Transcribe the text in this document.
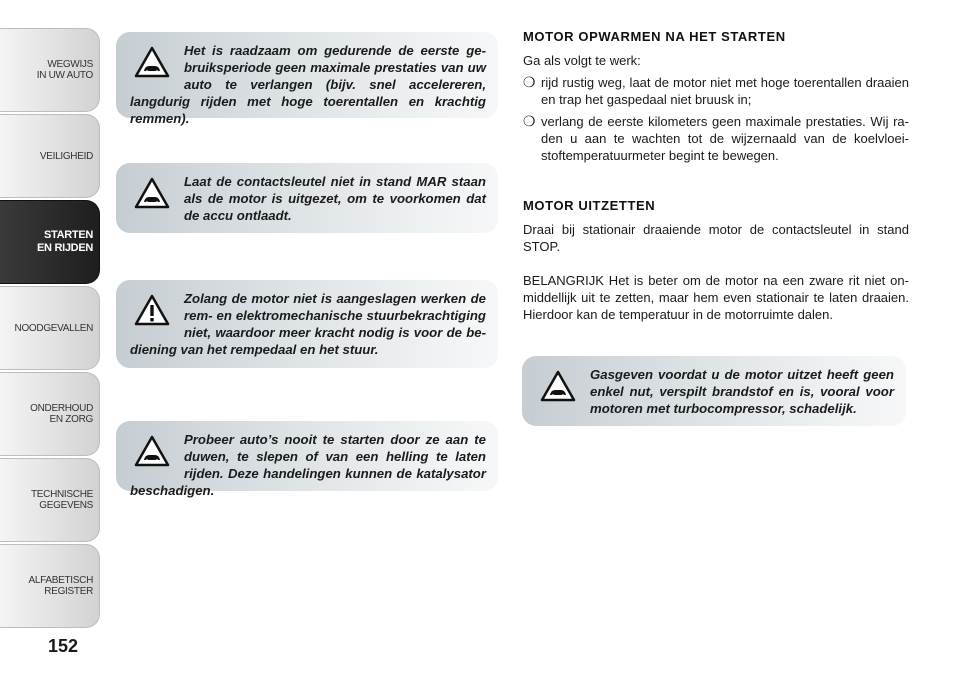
WEGWIJS
IN UW AUTO
VEILIGHEID
STARTEN
EN RIJDEN
NOODGEVALLEN
ONDERHOUD
EN ZORG
TECHNISCHE
GEGEVENS
ALFABETISCH
REGISTER
152
Het is raadzaam om gedurende de eerste gebruiksperiode geen maximale prestaties van uw auto te verlangen (bijv. snel accelereren, langdurig rijden met hoge toerentallen en krachtig remmen).
Laat de contactsleutel niet in stand MAR staan als de motor is uitgezet, om te voorkomen dat de accu ontlaadt.
Zolang de motor niet is aangeslagen werken de rem- en elektromechanische stuurbekrachtiging niet, waardoor meer kracht nodig is voor de bediening van het rempedaal en het stuur.
Probeer auto’s nooit te starten door ze aan te duwen, te slepen of van een helling te laten rijden. Deze handelingen kunnen de katalysator beschadigen.
MOTOR OPWARMEN NA HET STARTEN

Ga als volgt te werk:

❍ rijd rustig weg, laat de motor niet met hoge toerentallen draaien en trap het gaspedaal niet bruusk in;
❍ verlang de eerste kilometers geen maximale prestaties. Wij raden u aan te wachten tot de wijzernaald van de koelvloeistoftemperatuurmeter begint te bewegen.
MOTOR UITZETTEN

Draai bij stationair draaiende motor de contactsleutel in stand STOP.

BELANGRIJK Het is beter om de motor na een zware rit niet onmiddellijk uit te zetten, maar hem even stationair te laten draaien. Hierdoor kan de temperatuur in de motorruimte dalen.

Gasgeven voordat u de motor uitzet heeft geen enkel nut, verspilt brandstof en is, vooral voor motoren met turbocompressor, schadelijk.
